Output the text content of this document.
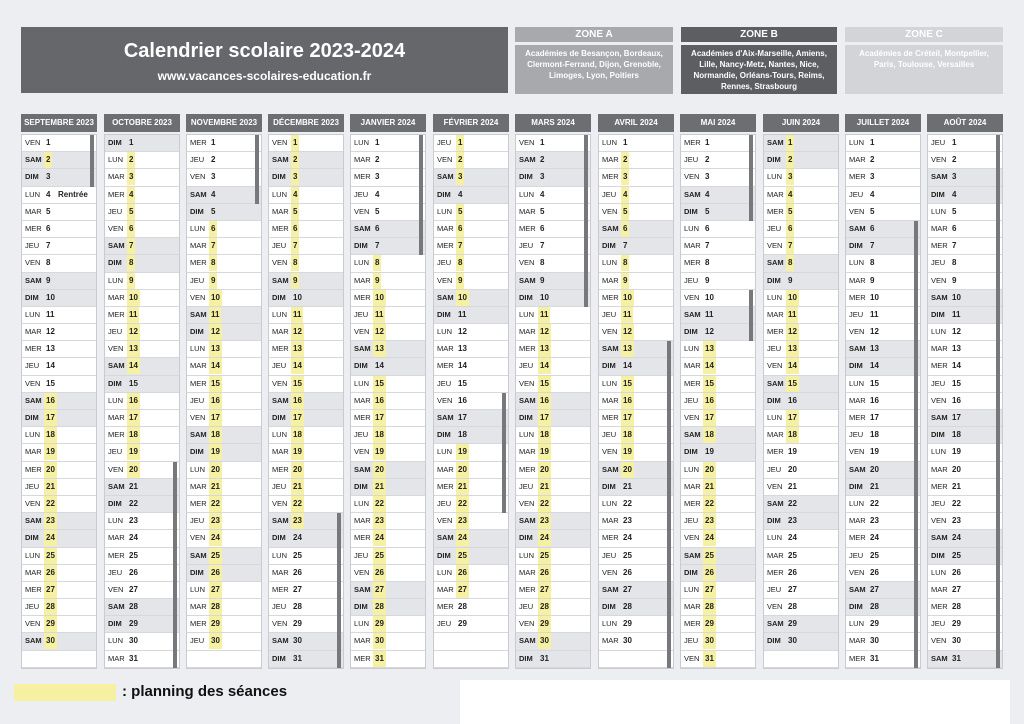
Calendrier scolaire 2023-2024
www.vacances-scolaires-education.fr
ZONE A
Académies de Besançon, Bordeaux, Clermont-Ferrand, Dijon, Grenoble, Limoges, Lyon, Poitiers
ZONE B
Académies d'Aix-Marseille, Amiens, Lille, Nancy-Metz, Nantes, Nice, Normandie, Orléans-Tours, Reims, Rennes, Strasbourg
ZONE C
Académies de Créteil, Montpellier, Paris, Toulouse, Versailles
SEPTEMBRE 2023
VEN 1
SAM 2
DIM 3
LUN 4 Rentrée
MAR 5
MER 6
JEU 7
VEN 8
SAM 9
DIM 10
LUN 11
MAR 12
MER 13
JEU 14
VEN 15
SAM 16
DIM 17
LUN 18
MAR 19
MER 20
JEU 21
VEN 22
SAM 23
DIM 24
LUN 25
MAR 26
MER 27
JEU 28
VEN 29
SAM 30
OCTOBRE 2023
DIM 1
LUN 2
MAR 3
MER 4
JEU 5
VEN 6
SAM 7
DIM 8
LUN 9
MAR 10
MER 11
JEU 12
VEN 13
SAM 14
DIM 15
LUN 16
MAR 17
MER 18
JEU 19
VEN 20
SAM 21
DIM 22
LUN 23
MAR 24
MER 25
JEU 26
VEN 27
SAM 28
DIM 29
LUN 30
MAR 31
NOVEMBRE 2023
MER 1
JEU 2
VEN 3
SAM 4
DIM 5
LUN 6
MAR 7
MER 8
JEU 9
VEN 10
SAM 11
DIM 12
LUN 13
MAR 14
MER 15
JEU 16
VEN 17
SAM 18
DIM 19
LUN 20
MAR 21
MER 22
JEU 23
VEN 24
SAM 25
DIM 26
LUN 27
MAR 28
MER 29
JEU 30
DÉCEMBRE 2023
VEN 1
SAM 2
DIM 3
LUN 4
MAR 5
MER 6
JEU 7
VEN 8
SAM 9
DIM 10
LUN 11
MAR 12
MER 13
JEU 14
VEN 15
SAM 16
DIM 17
LUN 18
MAR 19
MER 20
JEU 21
VEN 22
SAM 23
DIM 24
LUN 25
MAR 26
MER 27
JEU 28
VEN 29
SAM 30
DIM 31
JANVIER 2024
LUN 1
MAR 2
MER 3
JEU 4
VEN 5
SAM 6
DIM 7
LUN 8
MAR 9
MER 10
JEU 11
VEN 12
SAM 13
DIM 14
LUN 15
MAR 16
MER 17
JEU 18
VEN 19
SAM 20
DIM 21
LUN 22
MAR 23
MER 24
JEU 25
VEN 26
SAM 27
DIM 28
LUN 29
MAR 30
MER 31
FÉVRIER 2024
JEU 1
VEN 2
SAM 3
DIM 4
LUN 5
MAR 6
MER 7
JEU 8
VEN 9
SAM 10
DIM 11
LUN 12
MAR 13
MER 14
JEU 15
VEN 16
SAM 17
DIM 18
LUN 19
MAR 20
MER 21
JEU 22
VEN 23
SAM 24
DIM 25
LUN 26
MAR 27
MER 28
JEU 29
MARS 2024
VEN 1
SAM 2
DIM 3
LUN 4
MAR 5
MER 6
JEU 7
VEN 8
SAM 9
DIM 10
LUN 11
MAR 12
MER 13
JEU 14
VEN 15
SAM 16
DIM 17
LUN 18
MAR 19
MER 20
JEU 21
VEN 22
SAM 23
DIM 24
LUN 25
MAR 26
MER 27
JEU 28
VEN 29
SAM 30
DIM 31
AVRIL 2024
LUN 1
MAR 2
MER 3
JEU 4
VEN 5
SAM 6
DIM 7
LUN 8
MAR 9
MER 10
JEU 11
VEN 12
SAM 13
DIM 14
LUN 15
MAR 16
MER 17
JEU 18
VEN 19
SAM 20
DIM 21
LUN 22
MAR 23
MER 24
JEU 25
VEN 26
SAM 27
DIM 28
LUN 29
MAR 30
MAI 2024
MER 1
JEU 2
VEN 3
SAM 4
DIM 5
LUN 6
MAR 7
MER 8
JEU 9
VEN 10
SAM 11
DIM 12
LUN 13
MAR 14
MER 15
JEU 16
VEN 17
SAM 18
DIM 19
LUN 20
MAR 21
MER 22
JEU 23
VEN 24
SAM 25
DIM 26
LUN 27
MAR 28
MER 29
JEU 30
VEN 31
JUIN 2024
SAM 1
DIM 2
LUN 3
MAR 4
MER 5
JEU 6
VEN 7
SAM 8
DIM 9
LUN 10
MAR 11
MER 12
JEU 13
VEN 14
SAM 15
DIM 16
LUN 17
MAR 18
MER 19
JEU 20
VEN 21
SAM 22
DIM 23
LUN 24
MAR 25
MER 26
JEU 27
VEN 28
SAM 29
DIM 30
JUILLET 2024
LUN 1
MAR 2
MER 3
JEU 4
VEN 5
SAM 6
DIM 7
LUN 8
MAR 9
MER 10
JEU 11
VEN 12
SAM 13
DIM 14
LUN 15
MAR 16
MER 17
JEU 18
VEN 19
SAM 20
DIM 21
LUN 22
MAR 23
MER 24
JEU 25
VEN 26
SAM 27
DIM 28
LUN 29
MAR 30
MER 31
AOÛT 2024
JEU 1
VEN 2
SAM 3
DIM 4
LUN 5
MAR 6
MER 7
JEU 8
VEN 9
SAM 10
DIM 11
LUN 12
MAR 13
MER 14
JEU 15
VEN 16
SAM 17
DIM 18
LUN 19
MAR 20
MER 21
JEU 22
VEN 23
SAM 24
DIM 25
LUN 26
MAR 27
MER 28
JEU 29
VEN 30
SAM 31
: planning des séances
